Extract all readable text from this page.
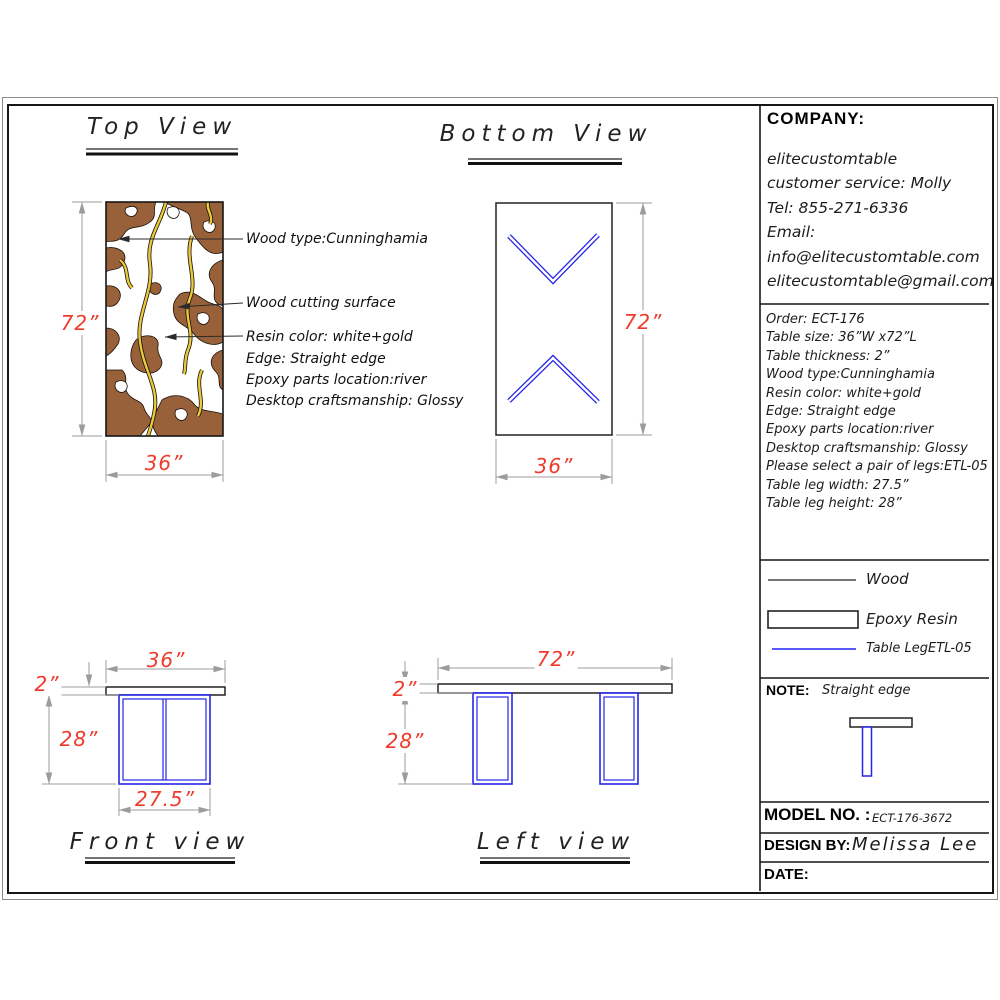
Top View
72”
36”
Wood type:Cunninghamia
Wood cutting surface
Resin color: white+gold
Edge: Straight edge
Epoxy parts location:river
Desktop craftsmanship: Glossy
Bottom View
72”
36”
Front view
36”
2”
28”
27.5”
Left view
72”
2”
28”
COMPANY:
elitecustomtable
customer service: Molly
Tel: 855-271-6336
Email:
info@elitecustomtable.com
elitecustomtable@gmail.com
Order: ECT-176
Table size: 36”W x72”L
Table thickness: 2”
Wood type:Cunninghamia
Resin color: white+gold
Edge: Straight edge
Epoxy parts location:river
Desktop craftsmanship: Glossy
Please select a pair of legs:ETL-05
Table leg width: 27.5”
Table leg height: 28”
Wood
Epoxy Resin
Table LegETL-05
NOTE: Straight edge
MODEL NO. : ECT-176-3672
DESIGN BY: Melissa Lee
DATE:
